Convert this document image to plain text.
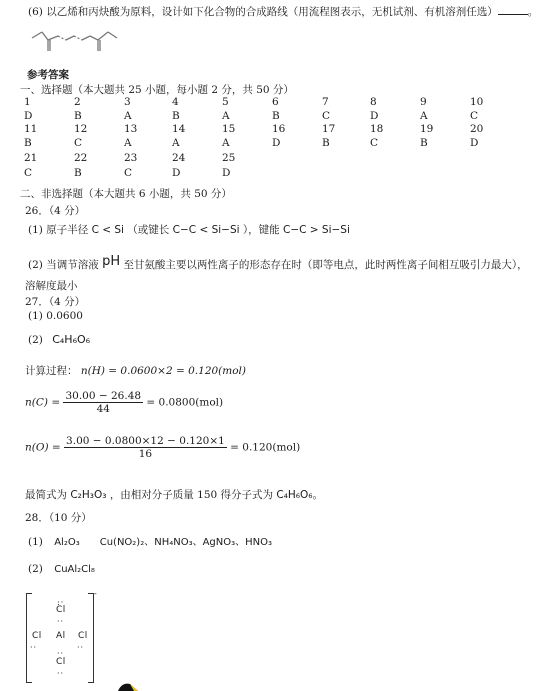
(6) 以乙烯和丙炔酸为原料，设计如下化合物的合成路线（用流程图表示，无机试剂、有机溶剂任选）	。
参考答案
一、选择题（本大题共 25 小题，每小题 2 分，共 50 分）
1	2	3	4	5	6	7	8	9	10
D	B	A	B	A	B	C	D	A	C
11	12	13	14	15	16	17	18	19	20
B	C	A	A	A	D	B	C	B	D
21	22	23	24	25
C	B	C	D	D
二、非选择题（本大题共 6 小题，共 50 分）
26．（4 分）
(1) 原子半径 C < Si （或键长 C−C < Si−Si ），键能 C−C > Si−Si
(2) 当调节溶液 pH 至甘氨酸主要以两性离子的形态存在时（即等电点，此时两性离子间相互吸引力最大），
溶解度最小
27．（4 分）
(1) 0.0600
(2) C₄H₆O₆
计算过程： n(H) = 0.0600×2 = 0.120(mol)
$n(C) = \frac{30.00 - 26.48}{44} = 0.0800(mol)$
$n(O) = \frac{3.00 - 0.0800\times 12 - 0.120\times 1}{16} = 0.120(mol)$
最简式为 C₂H₃O₃ ，由相对分子质量 150 得分子式为 C₄H₆O₆。
28．（10 分）
(1) Al₂O₃　　Cu(NO₂)₂、NH₄NO₃、AgNO₃、HNO₃
(2) CuAl₂Cl₈
:·
Cl
··
Cl Al Cl
··	··
··
Cl
··
-
